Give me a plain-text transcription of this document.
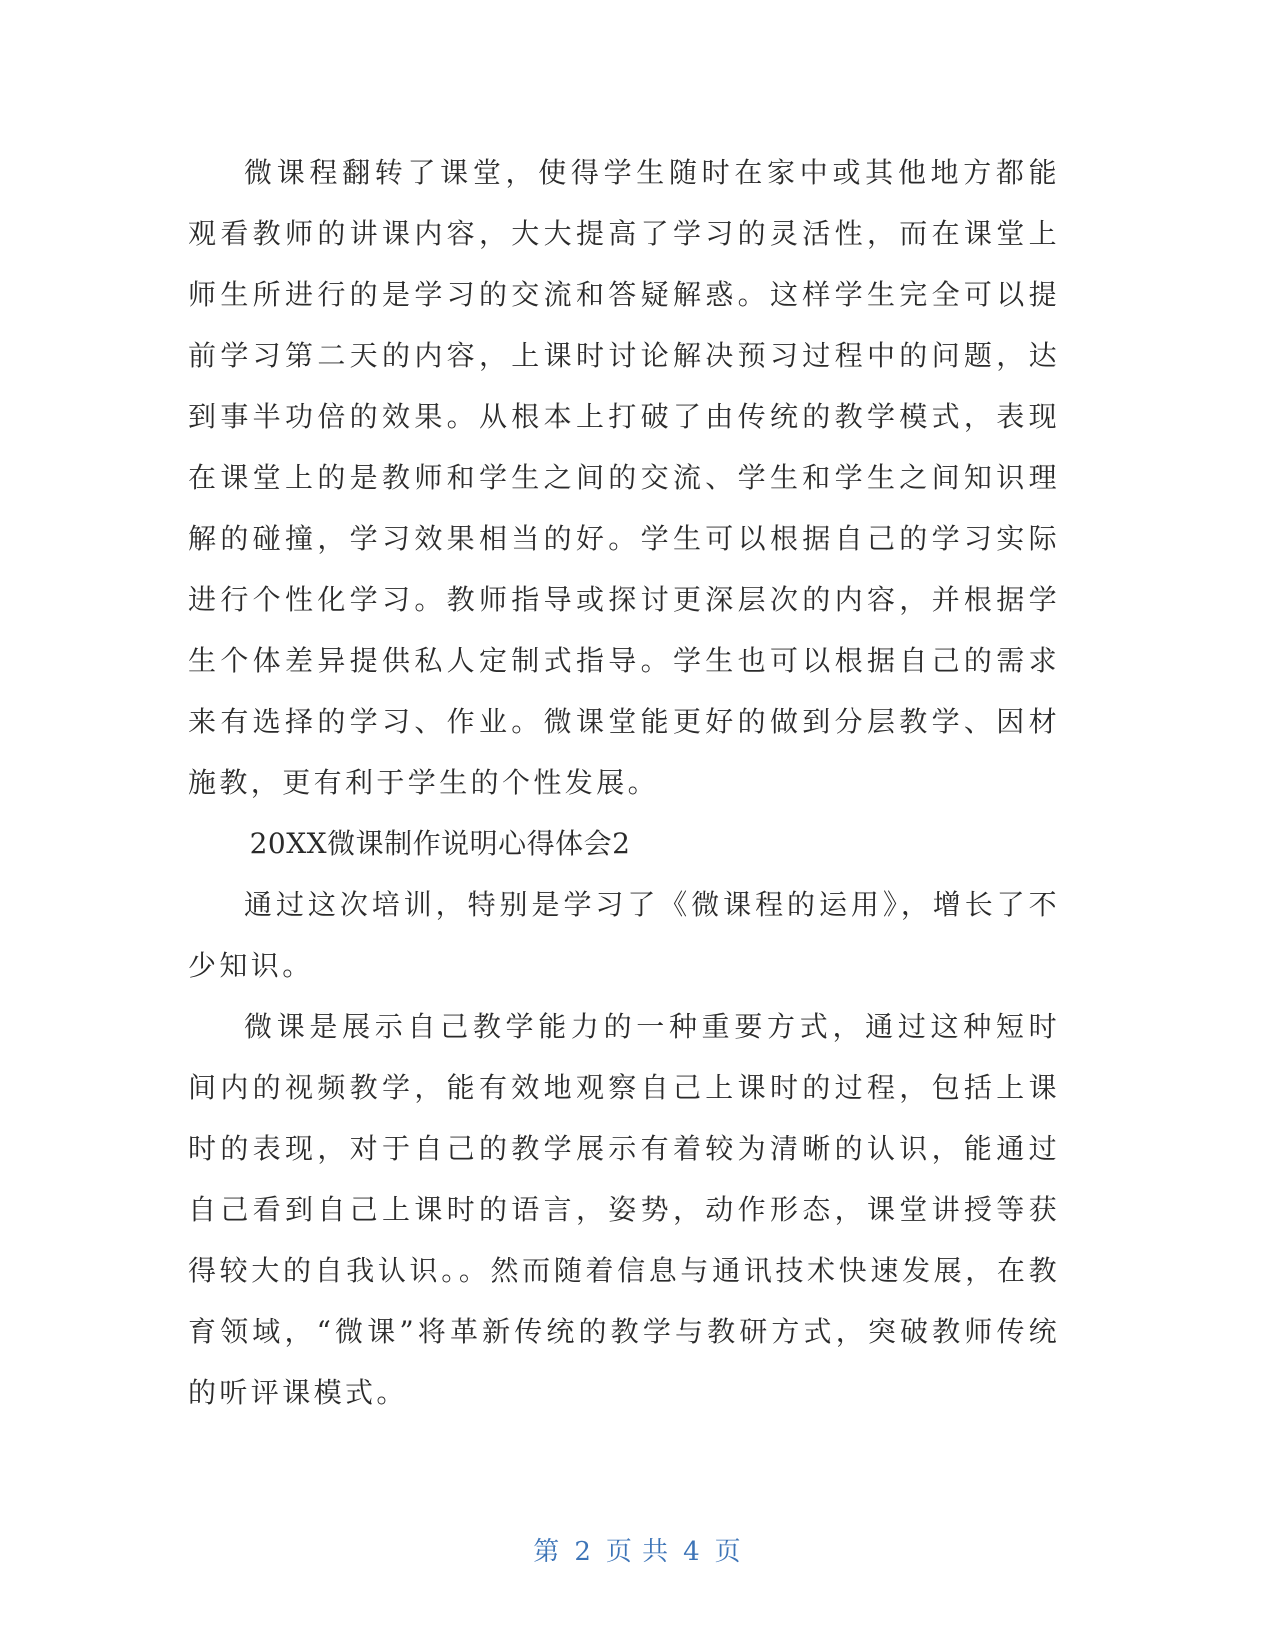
微课程翻转了课堂，使得学生随时在家中或其他地方都能观看教师的讲课内容，大大提高了学习的灵活性，而在课堂上师生所进行的是学习的交流和答疑解惑。这样学生完全可以提前学习第二天的内容，上课时讨论解决预习过程中的问题，达到事半功倍的效果。从根本上打破了由传统的教学模式，表现在课堂上的是教师和学生之间的交流、学生和学生之间知识理解的碰撞，学习效果相当的好。学生可以根据自己的学习实际进行个性化学习。教师指导或探讨更深层次的内容，并根据学生个体差异提供私人定制式指导。学生也可以根据自己的需求来有选择的学习、作业。微课堂能更好的做到分层教学、因材施教，更有利于学生的个性发展。

20XX微课制作说明心得体会2

通过这次培训，特别是学习了《微课程的运用》，增长了不少知识。

微课是展示自己教学能力的一种重要方式，通过这种短时间内的视频教学，能有效地观察自己上课时的过程，包括上课时的表现，对于自己的教学展示有着较为清晰的认识，能通过自己看到自己上课时的语言，姿势，动作形态，课堂讲授等获得较大的自我认识。。然而随着信息与通讯技术快速发展，在教育领域，“微课”将革新传统的教学与教研方式，突破教师传统的听评课模式。

第 2 页 共 4 页
